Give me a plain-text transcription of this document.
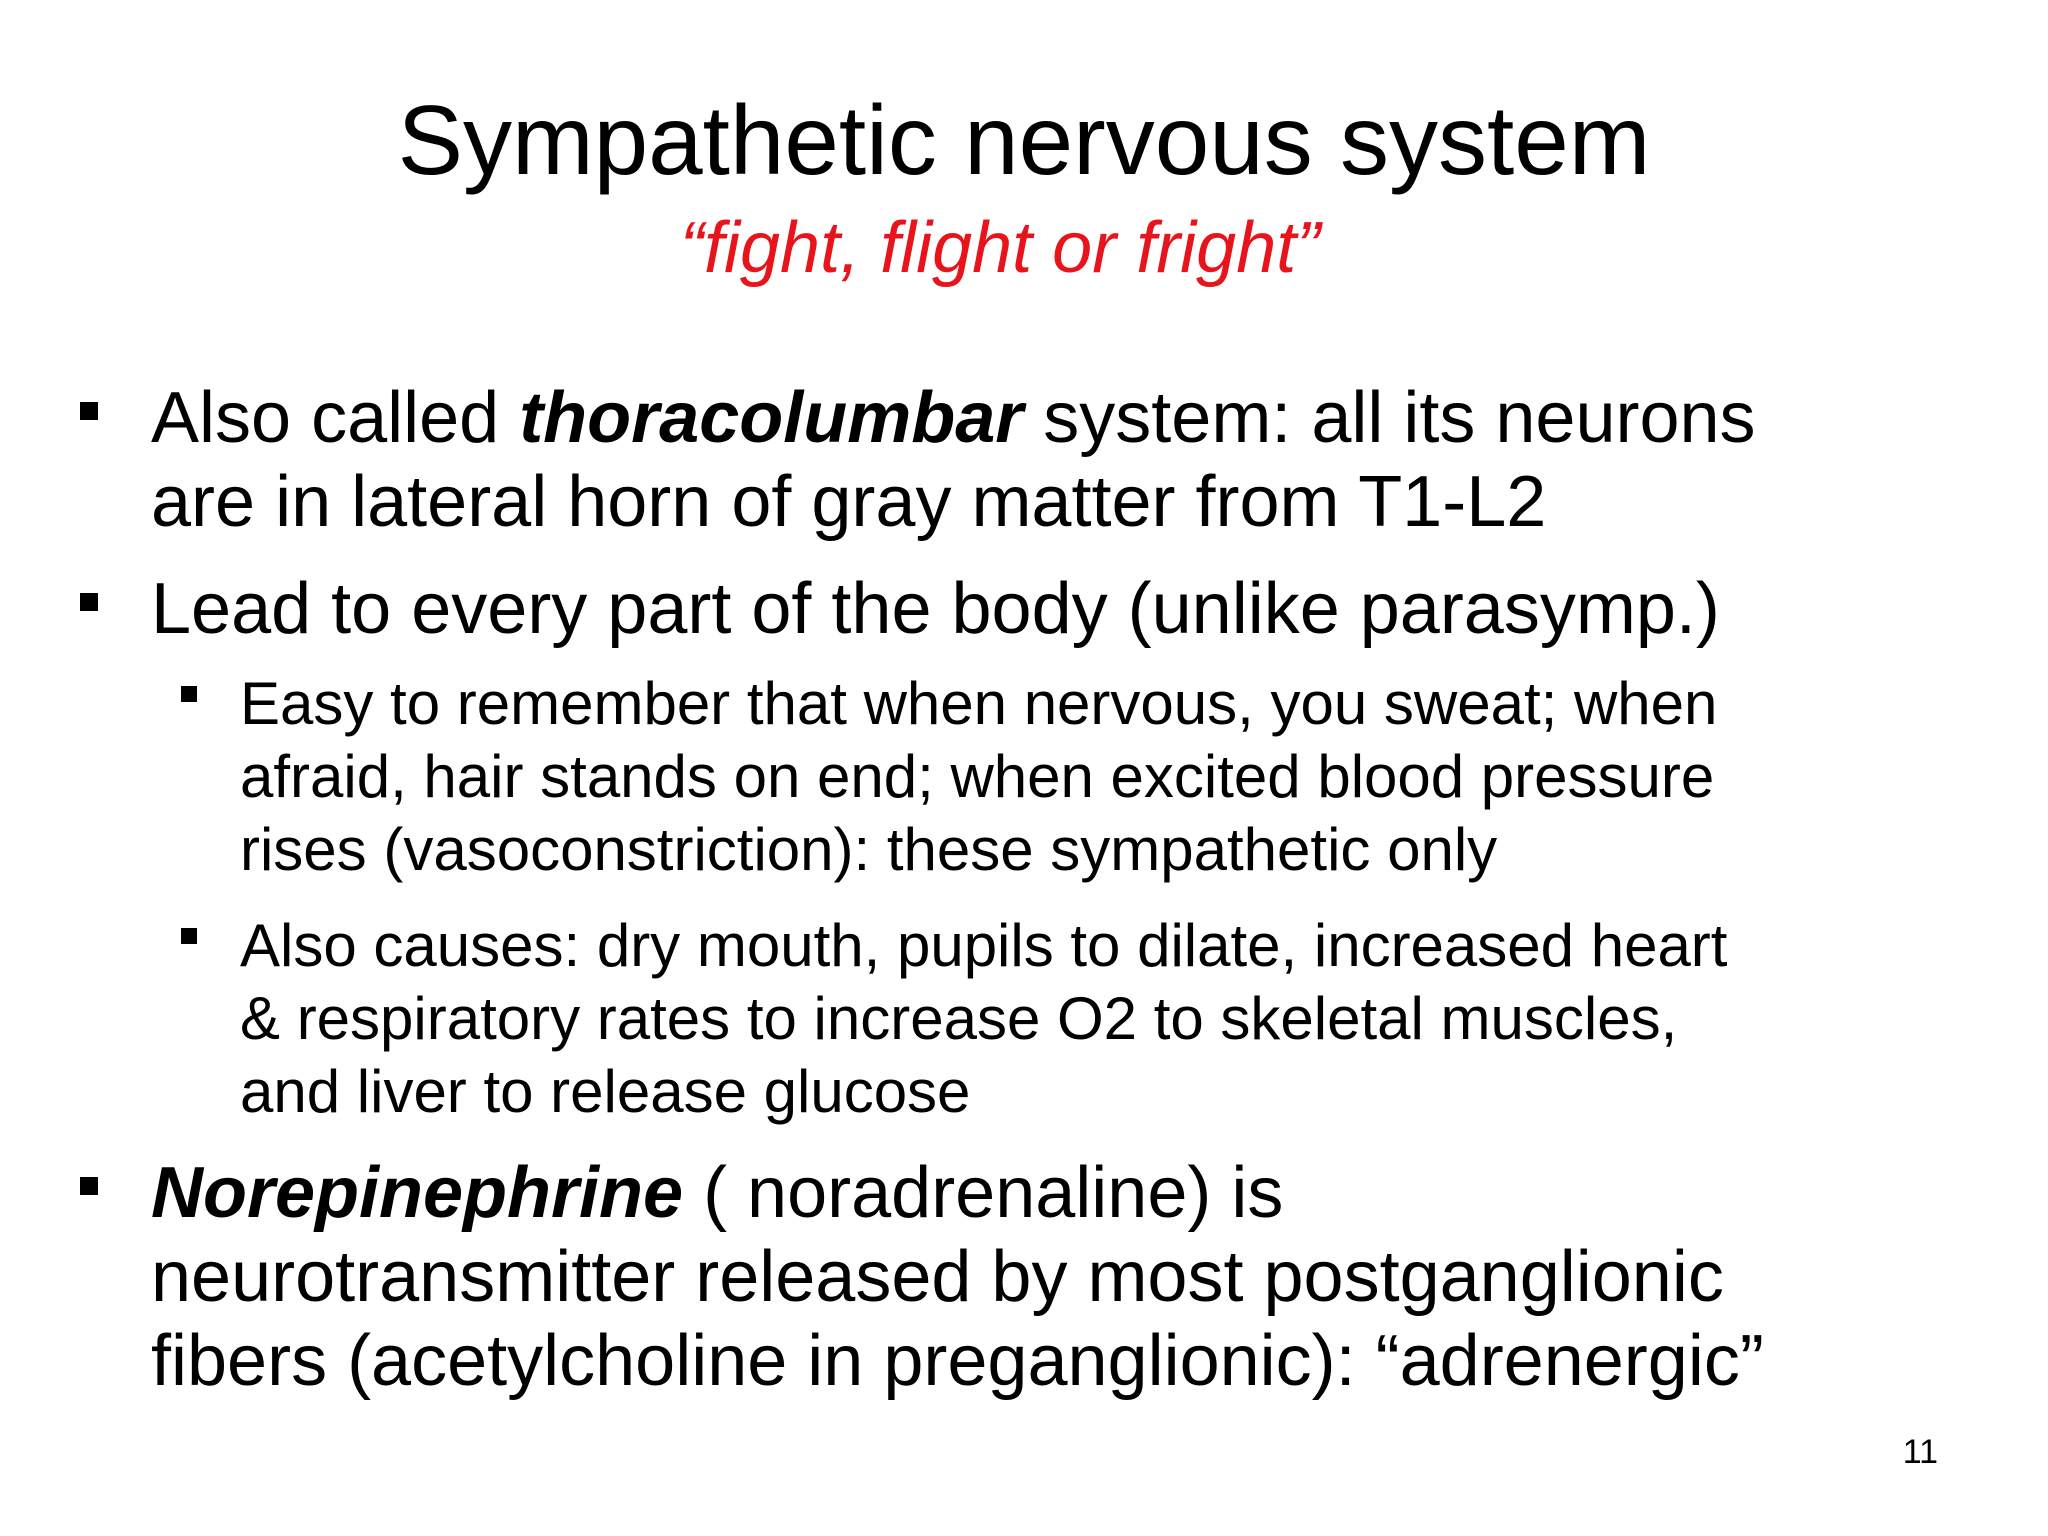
Sympathetic nervous system
“fight, flight or fright”
Also called thoracolumbar system: all its neurons
are in lateral horn of gray matter from T1-L2
Lead to every part of the body (unlike parasymp.)
Easy to remember that when nervous, you sweat; when
afraid, hair stands on end; when excited blood pressure
rises (vasoconstriction): these sympathetic only
Also causes: dry mouth, pupils to dilate, increased heart
& respiratory rates to increase O2 to skeletal muscles,
and liver to release glucose
Norepinephrine ( noradrenaline) is
neurotransmitter released by most postganglionic
fibers (acetylcholine in preganglionic): “adrenergic”
11
